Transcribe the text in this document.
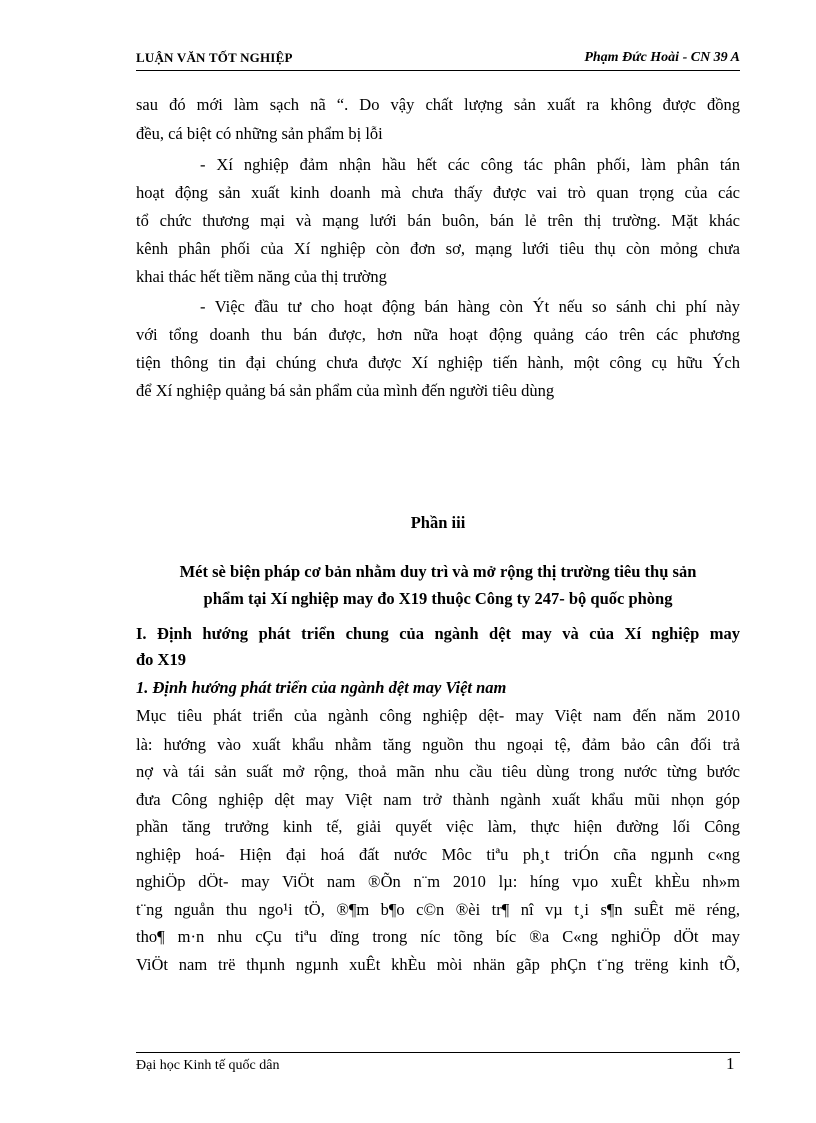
LUẬN VĂN TỐT NGHIỆP	Phạm Đức Hoài - CN 39 A
sau đó mới làm sạch nã “. Do vậy chất lượng sản xuất ra không được đồng
đều, cá biệt có những sản phẩm bị lỗi
- Xí nghiệp đảm nhận hầu hết các công tác phân phối, làm phân tán
hoạt động sản xuất kinh doanh mà chưa thấy được vai trò quan trọng của các
tổ chức thương mại và mạng lưới bán buôn, bán lẻ trên thị trường. Mặt khác
kênh phân phối của Xí nghiệp còn đơn sơ, mạng lưới tiêu thụ còn mỏng chưa
khai thác hết tiềm năng của thị trường
- Việc đầu tư cho hoạt động bán hàng còn Ýt nếu so sánh chi phí này
với tổng doanh thu bán được, hơn nữa hoạt động quảng cáo trên các phương
tiện thông tin đại chúng chưa được Xí nghiệp tiến hành, một công cụ hữu Ých
để Xí nghiệp quảng bá sản phẩm của mình đến người tiêu dùng
Phần iii
Mét sè biện pháp cơ bản nhằm duy trì và mở rộng thị trường tiêu thụ sản
phẩm tại Xí nghiệp may đo X19 thuộc Công ty 247- bộ quốc phòng
I. Định hướng phát triển chung của ngành dệt may và của Xí nghiệp may
đo X19
1. Định hướng phát triển của ngành dệt may Việt nam
Mục tiêu phát triển của ngành công nghiệp dệt- may Việt nam đến năm 2010
là: hướng vào xuất khẩu nhằm tăng nguồn thu ngoại tệ, đảm bảo cân đối trả
nợ và tái sản suất mở rộng, thoả mãn nhu cầu tiêu dùng trong nước từng bước
đưa Công nghiệp dệt may Việt nam trở thành ngành xuất khẩu mũi nhọn góp
phần tăng trưởng kinh tế, giải quyết việc làm, thực hiện đường lối Công
nghiệp hoá- Hiện đại hoá đất nước Môc tiªu ph¸t triÓn cña ngµnh c«ng
nghiÖp dÖt- may ViÖt nam ®Õn n¨m 2010 lµ: híng vµo xuÊt khÈu nh»m
t¨ng nguån thu ngo¹i tÖ, ®¶m b¶o c©n ®èi tr¶ nî vµ t¸i s¶n suÊt më réng,
tho¶ m·n nhu cÇu tiªu dïng trong níc tõng bíc ®a C«ng nghiÖp dÖt may
ViÖt nam trë thµnh ngµnh xuÊt khÈu mòi nhän gãp phÇn t¨ng trëng kinh tÕ,
Đại học Kinh tế quốc dân	1
